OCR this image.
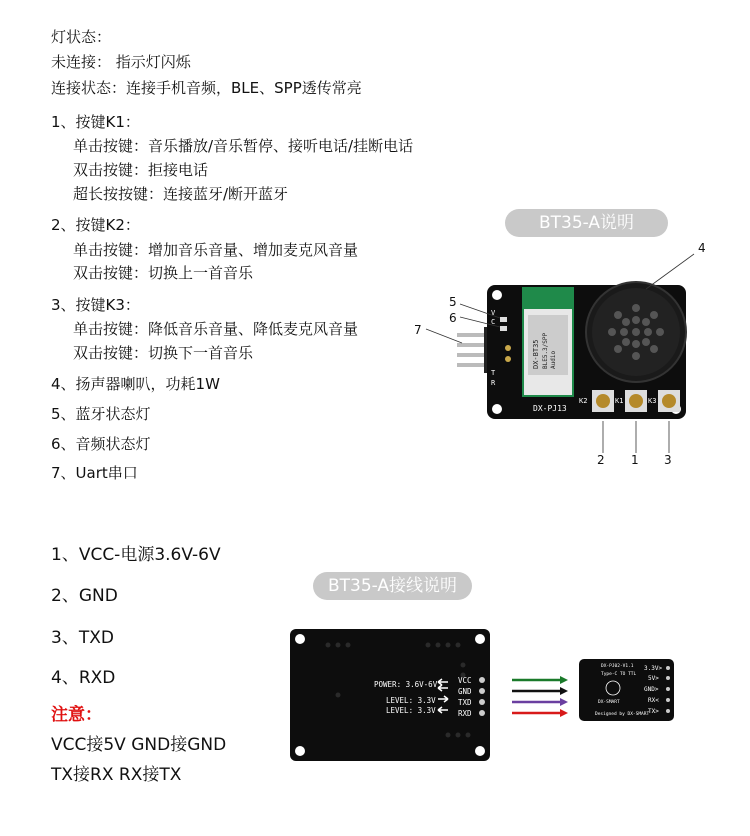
灯状态：
未连接： 指示灯闪烁
连接状态：连接手机音频，BLE、SPP透传常亮
1、按键K1：
单击按键：音乐播放/音乐暂停、接听电话/挂断电话
双击按键：拒接电话
超长按按键：连接蓝牙/断开蓝牙
2、按键K2：
单击按键：增加音乐音量、增加麦克风音量
双击按键：切换上一首音乐
3、按键K3：
单击按键：降低音乐音量、降低麦克风音量
双击按键：切换下一首音乐
4、扬声器喇叭，功耗1W
5、蓝牙状态灯
6、音频状态灯
7、Uart串口
BT35-A说明
DX-BT35 BLE5.3/SPP Audio
DX-PJ13
V
C
T
R
K2	K1	K3
4
5
6
7
2 1 3
1、VCC-电源3.6V-6V
2、GND
3、TXD
4、RXD
注意：
VCC接5V GND接GND
TX接RX RX接TX
BT35-A接线说明
POWER: 3.6V-6V
LEVEL: 3.3V
LEVEL: 3.3V
VCC
GND
TXD
RXD
DX-PJ02-V1.1
Type-C TO TTL
DX-SMART
Designed by DX-SMART
3.3V>
5V>
GND>
RX<
TX>
